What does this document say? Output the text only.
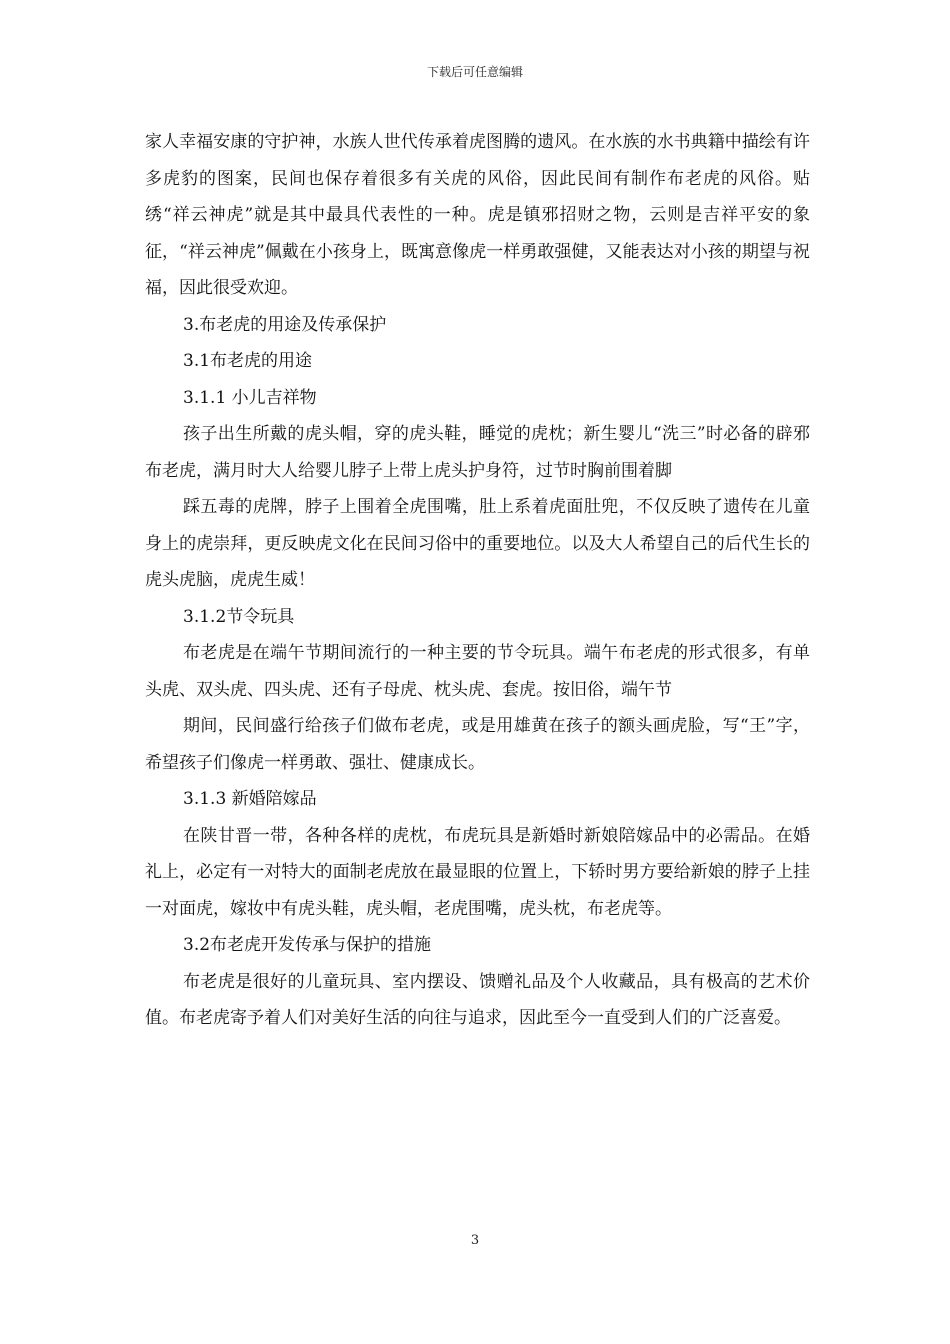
下载后可任意编辑

家人幸福安康的守护神，水族人世代传承着虎图腾的遗风。在水族的水书典籍中描绘有许多虎豹的图案，民间也保存着很多有关虎的风俗，因此民间有制作布老虎的风俗。贴绣“祥云神虎”就是其中最具代表性的一种。虎是镇邪招财之物，云则是吉祥平安的象征，“祥云神虎”佩戴在小孩身上，既寓意像虎一样勇敢强健，又能表达对小孩的期望与祝福，因此很受欢迎。

3.布老虎的用途及传承保护

3.1布老虎的用途

3.1.1 小儿吉祥物

孩子出生所戴的虎头帽，穿的虎头鞋，睡觉的虎枕；新生婴儿“洗三”时必备的辟邪布老虎，满月时大人给婴儿脖子上带上虎头护身符，过节时胸前围着脚

踩五毒的虎牌，脖子上围着全虎围嘴，肚上系着虎面肚兜，不仅反映了遗传在儿童身上的虎崇拜，更反映虎文化在民间习俗中的重要地位。以及大人希望自己的后代生长的虎头虎脑，虎虎生威！

3.1.2节令玩具

布老虎是在端午节期间流行的一种主要的节令玩具。端午布老虎的形式很多，有单头虎、双头虎、四头虎、还有子母虎、枕头虎、套虎。按旧俗，端午节

期间，民间盛行给孩子们做布老虎，或是用雄黄在孩子的额头画虎脸，写“王”字，希望孩子们像虎一样勇敢、强壮、健康成长。

3.1.3 新婚陪嫁品

在陕甘晋一带，各种各样的虎枕，布虎玩具是新婚时新娘陪嫁品中的必需品。在婚礼上，必定有一对特大的面制老虎放在最显眼的位置上，下轿时男方要给新娘的脖子上挂一对面虎，嫁妆中有虎头鞋，虎头帽，老虎围嘴，虎头枕，布老虎等。

3.2布老虎开发传承与保护的措施

布老虎是很好的儿童玩具、室内摆设、馈赠礼品及个人收藏品，具有极高的艺术价值。布老虎寄予着人们对美好生活的向往与追求，因此至今一直受到人们的广泛喜爱。

3
